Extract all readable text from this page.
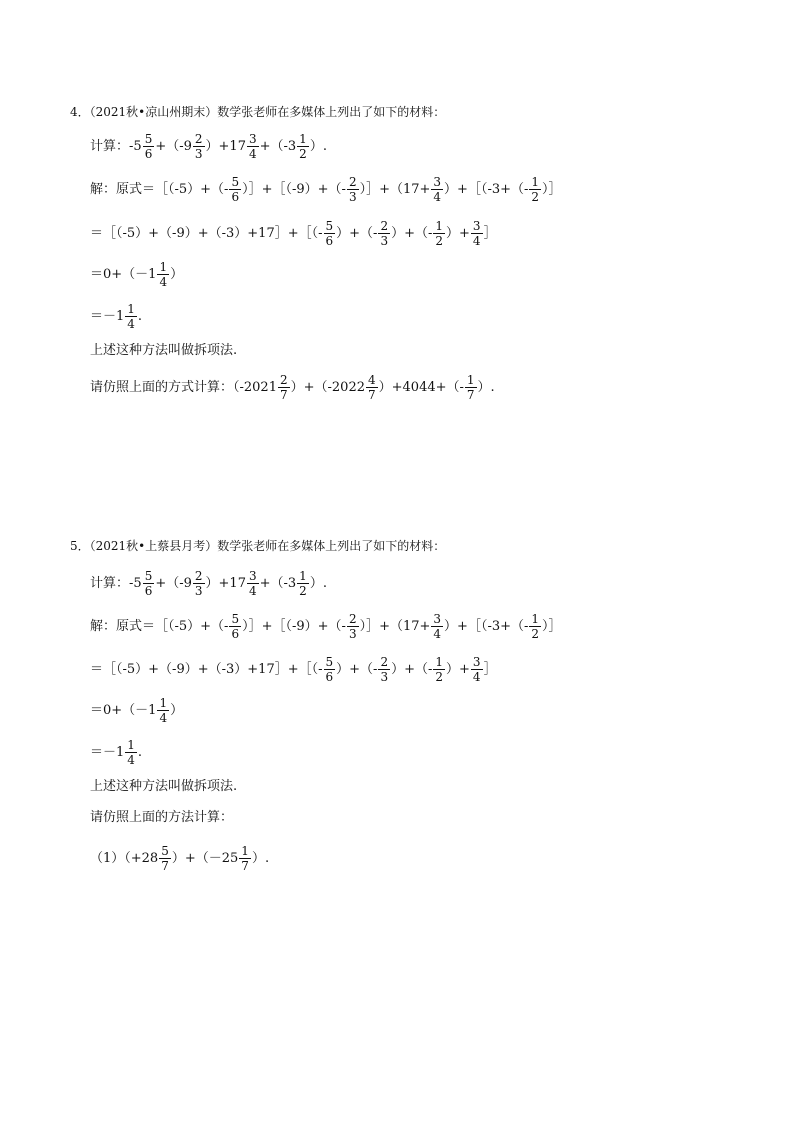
4．（2021秋•凉山州期末）数学张老师在多媒体上列出了如下的材料：
计算：$-5 \frac{5}{6} +(-9 \frac{2}{3} )+17 \frac{3}{4} +(-3 \frac{1}{2}$ ）.
解：原式＝［（-5）+（- $\frac{5}{6}$ ）］+［（-9）+（- $\frac{2}{3}$ ）］+（17+ $\frac{3}{4}$ ）+［（-3+（- $\frac{1}{2}$ ）］
＝［（-5）+（-9）+（-3）+17］+［（- $\frac{5}{6}$ ）+（- $\frac{2}{3}$ ）+（- $\frac{1}{2}$ ）+ $\frac{3}{4}$ ］
$=0+(-1 \frac{1}{4}$ ）
$=-1 \frac{1}{4}$ .
上述这种方法叫做拆项法.
请仿照上面的方式计算：$(-2021 \frac{2}{7} )+(-2022 \frac{4}{7} )+4044+(- \frac{1}{7}$ ）.
5．（2021秋•上蔡县月考）数学张老师在多媒体上列出了如下的材料：
计算：$-5 \frac{5}{6} +(-9 \frac{2}{3} )+17 \frac{3}{4} +(-3 \frac{1}{2}$ ）.
解：原式＝［（-5）+（- $\frac{5}{6}$ ）］+［（-9）+（- $\frac{2}{3}$ ）］+（17+ $\frac{3}{4}$ ）+［（-3+（- $\frac{1}{2}$ ）］
＝［（-5）+（-9）+（-3）+17］+［（- $\frac{5}{6}$ ）+（- $\frac{2}{3}$ ）+（- $\frac{1}{2}$ ）+ $\frac{3}{4}$ ］
$=0+(-1 \frac{1}{4}$ ）
$=-1 \frac{1}{4}$ .
上述这种方法叫做拆项法.
请仿照上面的方法计算：
$(1)(+28 \frac{5}{7} )+(-25 \frac{1}{7}$ ）.
